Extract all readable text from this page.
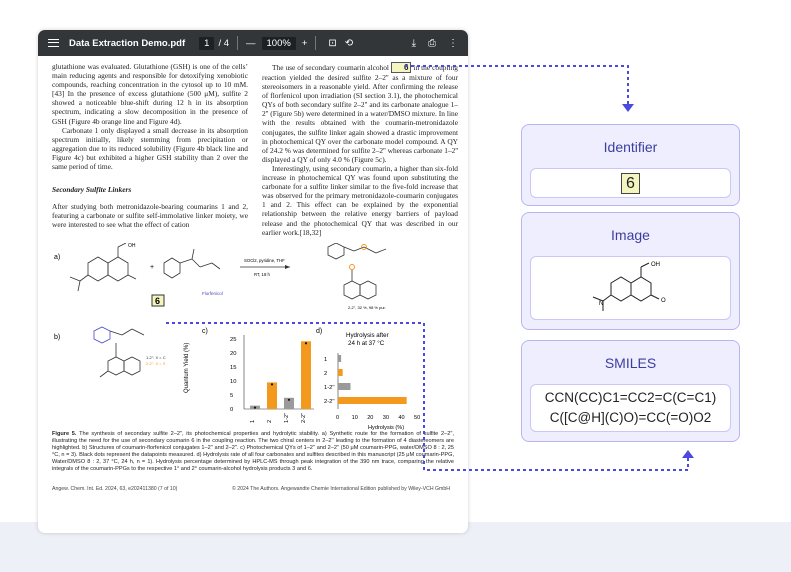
Data Extraction Demo.pdf	1 / 4 —	100%	+ ⊡ ⟲	⤓ ⎙ ⋮

glutathione was evaluated. Glutathione (GSH) is one of the cells’ main reducing agents and responsible for detoxifying xenobiotic compounds, reaching concentration in the cytosol up to 10 mM.[43] In the presence of excess glutathione (500 μM), sulfite 2 showed a noticeable blue-shift during 12 h in its absorption spectrum, indicating a slow decomposition in the presence of GSH (Figure 4b orange line and Figure 4d).

Carbonate 1 only displayed a small decrease in its absorption spectrum initially, likely stemming from precipitation or aggregation due to its reduced solubility (Figure 4b black line and Figure 4c) but exhibited a higher GSH stability than 2 over the same period of time.

Secondary Sulfite Linkers

After studying both metronidazole-bearing coumarins 1 and 2, featuring a carbonate or sulfite self-immolative linker moiety, we were interested to see what the effect of cation

The use of secondary coumarin alcohol 6 in the coupling reaction yielded the desired sulfite 2–2'' as a mixture of four stereoisomers in a reasonable yield. After confirming the release of florfenicol upon irradiation (SI section 3.1), the photochemical QYs of both secondary sulfite 2–2'' and its carbonate analogue 1–2'' (Figure 5b) were determined in a water/DMSO mixture. In line with the results obtained with the coumarin-metronidazole conjugates, the sulfite linker again showed a drastic improvement in photochemical QY over the carbonate model compound. A QY of 24.2 % was determined for sulfite 2–2'' whereas carbonate 1–2'' displayed a QY of only 4.0 % (Figure 5c).

Interestingly, using secondary coumarin, a higher than six-fold increase in photochemical QY was found upon substituting the carbonate for a sulfite linker similar to the five-fold increase that was observed for the primary metronidazole-coumarin conjugates 1 and 2. This effect can be explained by the exponential relationship between the relative energy barriers of payload release and the photochemical QY that was described in our earlier work.[18,32]

a)
OH
6
+
Florfenicol
SOCl2, pyridine, THF
RT, 18 h
2-2'', 32 %, 98 % pur.
b)
1-2'': X = C
2-2'': X = S
c)
Quantum Yield (%)
25
20
15
10
5
0
1 2 1-2'' 2-2''
d)
Hydrolysis after
24 h at 37 °C
1
2
1-2''
2-2''
0 10 20 30 40 50
Hydrolysis (%)
Figure 5. The synthesis of secondary sulfite 2–2'', its photochemical properties and hydrolytic stability. a) Synthetic route for the formation of sulfite 2–2'', illustrating the need for the use of secondary coumarin 6 in the coupling reaction. The two chiral centers in 2–2'' leading to the formation of 4 diastereomers are highlighted. b) Structures of coumarin-florfenicol conjugates 1–2'' and 2–2''. c) Photochemical QYs of 1–2'' and 2–2'' (50 μM coumarin-PPG, water/DMSO 8 : 2, 25 °C, n = 3). Black dots represent the datapoints measured. d) Hydrolysis rate of all four carbonates and sulfites described in this manuscript (25 μM coumarin-PPG, Water/DMSO 8 : 2, 37 °C, 24 h, n = 1). Hydrolysis percentage determined by HPLC-MS through peak integration of the 390 nm trace, comparing the relative integrals of the coumarin-PPGs to the respective 1° and 2° coumarin-alcohol hydrolysis products 3 and 6.
Angew. Chem. Int. Ed. 2024, 63, e202411380 (7 of 10)	© 2024 The Authors. Angewandte Chemie International Edition published by Wiley-VCH GmbH
Identifier
6
Image
OH
O
N
SMILES
CCN(CC)C1=CC2=C(C=C1)
C([C@H](C)O)=CC(=O)O2
